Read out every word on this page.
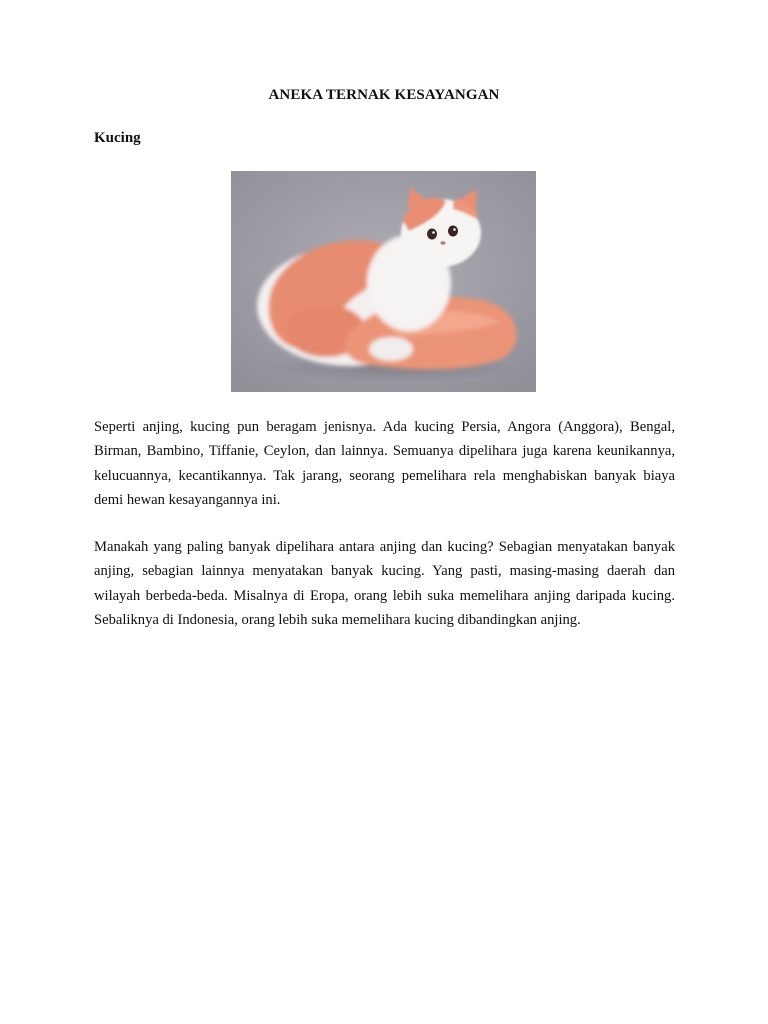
ANEKA TERNAK KESAYANGAN
Kucing

Seperti anjing, kucing pun beragam jenisnya. Ada kucing Persia, Angora (Anggora), Bengal, Birman, Bambino, Tiffanie, Ceylon, dan lainnya. Semuanya dipelihara juga karena keunikannya, kelucuannya, kecantikannya. Tak jarang, seorang pemelihara rela menghabiskan banyak biaya demi hewan kesayangannya ini.

Manakah yang paling banyak dipelihara antara anjing dan kucing? Sebagian menyatakan banyak anjing, sebagian lainnya menyatakan banyak kucing. Yang pasti, masing-masing daerah dan wilayah berbeda-beda. Misalnya di Eropa, orang lebih suka memelihara anjing daripada kucing. Sebaliknya di Indonesia, orang lebih suka memelihara kucing dibandingkan anjing.
